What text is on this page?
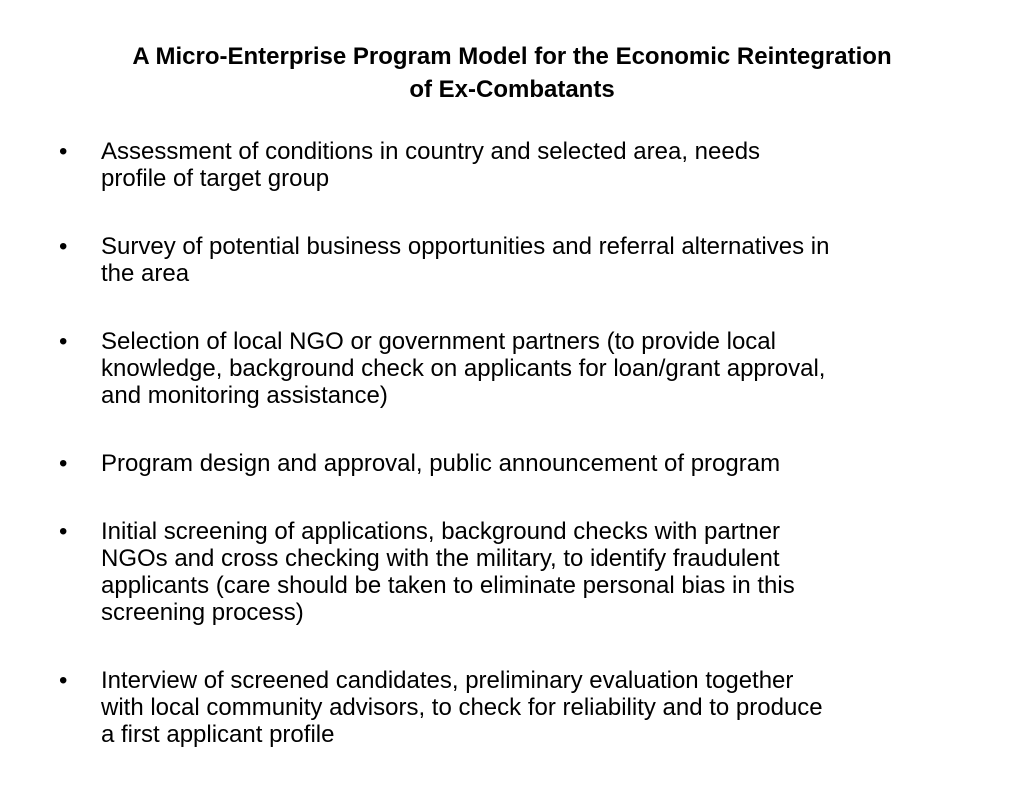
A Micro-Enterprise Program Model for the Economic Reintegration
of Ex-Combatants
• Assessment of conditions in country and selected area, needs
profile of target group
• Survey of potential business opportunities and referral alternatives in
the area
• Selection of local NGO or government partners (to provide local
knowledge, background check on applicants for loan/grant approval,
and monitoring assistance)
• Program design and approval, public announcement of program
• Initial screening of applications, background checks with partner
NGOs and cross checking with the military, to identify fraudulent
applicants (care should be taken to eliminate personal bias in this
screening process)
• Interview of screened candidates, preliminary evaluation together
with local community advisors, to check for reliability and to produce
a first applicant profile
